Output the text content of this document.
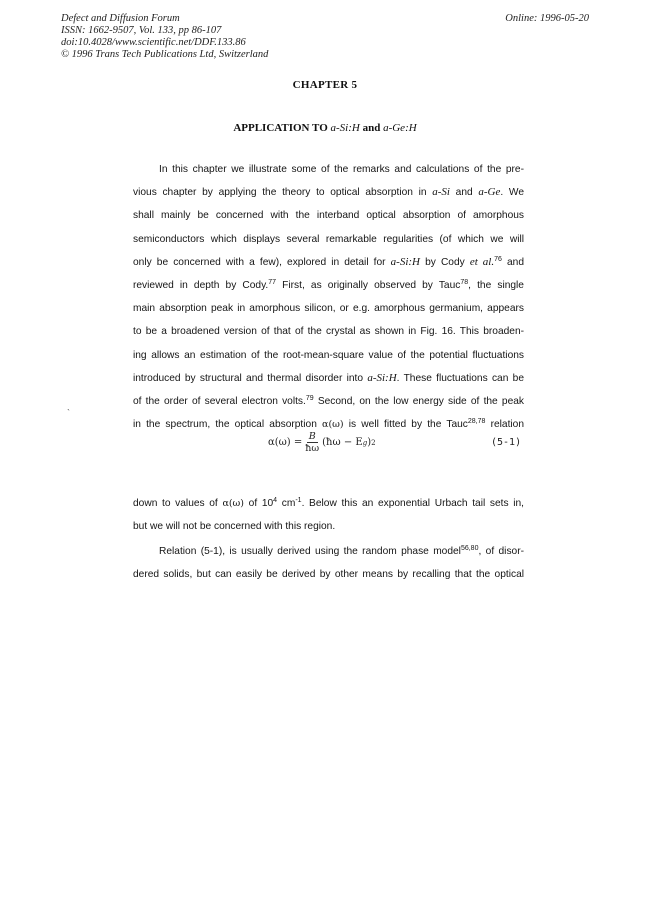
Defect and Diffusion Forum
ISSN: 1662-9507, Vol. 133, pp 86-107
doi:10.4028/www.scientific.net/DDF.133.86
© 1996 Trans Tech Publications Ltd, Switzerland
Online: 1996-05-20
CHAPTER 5
APPLICATION TO a-Si:H and a-Ge:H
`
In this chapter we illustrate some of the remarks and calculations of the pre-
vious chapter by applying the theory to optical absorption in a-Si and a-Ge. We
shall mainly be concerned with the interband optical absorption of amorphous
semiconductors which displays several remarkable regularities (of which we will
only be concerned with a few), explored in detail for a-Si:H by Cody et al.$^{76}$ and
reviewed in depth by Cody.$^{77}$ First, as originally observed by Tauc$^{78}$, the single
main absorption peak in amorphous silicon, or e.g. amorphous germanium, appears
to be a broadened version of that of the crystal as shown in Fig. 16. This broaden-
ing allows an estimation of the root-mean-square value of the potential fluctuations
introduced by structural and thermal disorder into a-Si:H. These fluctuations can be
of the order of several electron volts.$^{79}$ Second, on the low energy side of the peak
in the spectrum, the optical absorption α(ω) is well fitted by the Tauc$^{28,78}$ relation
$\alpha(\omega) = \frac{B}{ħ\omega}$ (ħω − E g ) 2	(5-1)
down to values of α(ω) of $10^4$ $cm^{-1}$. Below this an exponential Urbach tail sets in,
but we will not be concerned with this region.
Relation (5-1), is usually derived using the random phase model$^{56,80}$, of disor-
dered solids, but can easily be derived by other means by recalling that the optical
